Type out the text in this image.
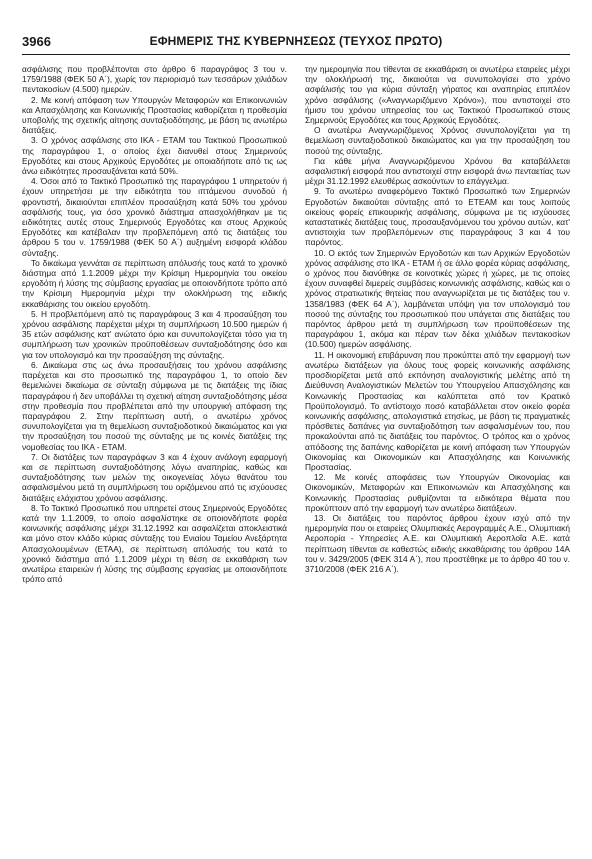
3966	ΕΦΗΜΕΡΙΣ ΤΗΣ ΚΥΒΕΡΝΗΣΕΩΣ (ΤΕΥΧΟΣ ΠΡΩΤΟ)

ασφάλισης που προβλέπονται στο άρθρο 6 παραγράφος 3 του ν. 1759/1988 (ΦΕΚ 50 Α΄), χωρίς τον περιορισμό των τεσσάρων χιλιάδων πεντακοσίων (4.500) ημερών.

2. Με κοινή απόφαση των Υπουργών Μεταφορών και Επικοινωνιών και Απασχόλησης και Κοινωνικής Προστασίας καθορίζεται η προθεσμία υποβολής της σχετικής αίτησης συνταξιοδότησης, με βάση τις ανωτέρω διατάξεις.

3. Ο χρόνος ασφάλισης στο ΙΚΑ - ΕΤΑΜ του Τακτικού Προσωπικού της παραγράφου 1, ο οποίος έχει διανυθεί στους Σημερινούς Εργοδότες και στους Αρχικούς Εργοδότες με οποιαδήποτε από τις ως άνω ειδικότητες προσαυξάνεται κατά 50%.

4. Όσοι από το Τακτικό Προσωπικό της παραγράφου 1 υπηρετούν ή έχουν υπηρετήσει με την ειδικότητα του ιπτάμενου συνοδού ή φροντιστή, δικαιούνται επιπλέον προσαύξηση κατά 50% του χρόνου ασφάλισής τους, για όσο χρονικό διάστημα απασχολήθηκαν με τις ειδικότητες αυτές στους Σημερινούς Εργοδότες και στους Αρχικούς Εργοδότες και κατέβαλαν την προβλεπόμενη από τις διατάξεις του άρθρου 5 του ν. 1759/1988 (ΦΕΚ 50 Α΄) αυξημένη εισφορά κλάδου σύνταξης.

Το δικαίωμα γεννάται σε περίπτωση απόλυσής τους κατά το χρονικό διάστημα από 1.1.2009 μέχρι την Κρίσιμη Ημερομηνία του οικείου εργοδότη ή λύσης της σύμβασης εργασίας με οποιονδήποτε τρόπο από την Κρίσιμη Ημερομηνία μέχρι την ολοκλήρωση της ειδικής εκκαθάρισης του οικείου εργοδότη.

5. Η προβλεπόμενη από τις παραγράφους 3 και 4 προσαύξηση του χρόνου ασφάλισης παρέχεται μέχρι τη συμπλήρωση 10.500 ημερών ή 35 ετών ασφάλισης κατ' ανώτατο όριο και συνυπολογίζεται τόσο για τη συμπλήρωση των χρονικών προϋποθέσεων συνταξιοδότησης όσο και για τον υπολογισμό και την προσαύξηση της σύνταξης.

6. Δικαίωμα στις ως άνω προσαυξήσεις του χρόνου ασφάλισης παρέχεται και στο προσωπικό της παραγράφου 1, το οποίο δεν θεμελιώνει δικαίωμα σε σύνταξη σύμφωνα με τις διατάξεις της ίδιας παραγράφου ή δεν υποβάλλει τη σχετική αίτηση συνταξιοδότησης μέσα στην προθεσμία που προβλέπεται από την υπουργική απόφαση της παραγράφου 2. Στην περίπτωση αυτή, ο ανωτέρω χρόνος συνυπολογίζεται για τη θεμελίωση συνταξιοδοτικού δικαιώματος και για την προσαύξηση του ποσού της σύνταξης με τις κοινές διατάξεις της νομοθεσίας του ΙΚΑ - ΕΤΑΜ.

7. Οι διατάξεις των παραγράφων 3 και 4 έχουν ανάλογη εφαρμογή και σε περίπτωση συνταξιοδότησης λόγω αναπηρίας, καθώς και συνταξιοδότησης των μελών της οικογενείας λόγω θανάτου του ασφαλισμένου μετά τη συμπλήρωση του οριζόμενου από τις ισχύουσες διατάξεις ελάχιστου χρόνου ασφάλισης.

8. Το Τακτικό Προσωπικό που υπηρετεί στους Σημερινούς Εργοδότες κατά την 1.1.2009, το οποίο ασφαλίστηκε σε οποιονδήποτε φορέα κοινωνικής ασφάλισης μέχρι 31.12.1992 και ασφαλίζεται αποκλειστικά και μόνο στον κλάδο κύριας σύνταξης του Ενιαίου Ταμείου Ανεξάρτητα Απασχολουμένων (ΕΤΑΑ), σε περίπτωση απόλυσής του κατά το χρονικό διάστημα από 1.1.2009 μέχρι τη θέση σε εκκαθάριση των ανωτέρω εταιρειών ή λύσης της σύμβασης εργασίας με οποιονδήποτε τρόπο από

την ημερομηνία που τίθενται σε εκκαθάριση οι ανωτέρω εταιρείες μέχρι την ολοκλήρωσή της, δικαιούται να συνυπολογίσει στο χρόνο ασφάλισής του για κύρια σύνταξη γήρατος και αναπηρίας επιπλέον χρόνο ασφάλισης («Αναγνωριζόμενο Χρόνο»), που αντιστοιχεί στο ήμισυ του χρόνου υπηρεσίας του ως Τακτικού Προσωπικού στους Σημερινούς Εργοδότες και τους Αρχικούς Εργοδότες.

Ο ανωτέρω Αναγνωριζόμενος Χρόνος συνυπολογίζεται για τη θεμελίωση συνταξιοδοτικού δικαιώματος και για την προσαύξηση του ποσού της σύνταξης.

Για κάθε μήνα Αναγνωριζόμενου Χρόνου θα καταβάλλεται ασφαλιστική εισφορά που αντιστοιχεί στην εισφορά άνω πενταετίας των μέχρι 31.12.1992 ελευθέρως ασκούντων το επάγγελμα.

9. Το ανωτέρω αναφερόμενο Τακτικό Προσωπικό των Σημερινών Εργοδοτών δικαιούται σύνταξης από το ΕΤΕΑΜ και τους λοιπούς οικείους φορείς επικουρικής ασφάλισης, σύμφωνα με τις ισχύουσες καταστατικές διατάξεις τους, προσαυξανόμενου του χρόνου αυτών, κατ' αντιστοιχία των προβλεπόμενων στις παραγράφους 3 και 4 του παρόντος.

10. Ο εκτός των Σημερινών Εργοδοτών και των Αρχικών Εργοδοτών χρόνος ασφάλισης στο ΙΚΑ - ΕΤΑΜ ή σε άλλο φορέα κύριας ασφάλισης, ο χρόνος που διανύθηκε σε κοινοτικές χώρες ή χώρες, με τις οποίες έχουν συναφθεί διμερείς συμβάσεις κοινωνικής ασφάλισης, καθώς και ο χρόνος στρατιωτικής θητείας που αναγνωρίζεται με τις διατάξεις του ν. 1358/1983 (ΦΕΚ 64 Α΄), λαμβάνεται υπόψη για τον υπολογισμό του ποσού της σύνταξης του προσωπικού που υπάγεται στις διατάξεις του παρόντος άρθρου μετά τη συμπλήρωση των προϋποθέσεων της παραγράφου 1, ακόμα και πέραν των δέκα χιλιάδων πεντακοσίων (10.500) ημερών ασφάλισης.

11. Η οικονομική επιβάρυνση που προκύπτει από την εφαρμογή των ανωτέρω διατάξεων για όλους τους φορείς κοινωνικής ασφάλισης προσδιορίζεται μετά από εκπόνηση αναλογιστικής μελέτης από τη Διεύθυνση Αναλογιστικών Μελετών του Υπουργείου Απασχόλησης και Κοινωνικής Προστασίας και καλύπτεται από τον Κρατικό Προϋπολογισμό. Το αντίστοιχο ποσό καταβάλλεται στον οικείο φορέα κοινωνικής ασφάλισης, απολογιστικά ετησίως, με βάση τις πραγματικές πρόσθετες δαπάνες για συνταξιοδότηση των ασφαλισμένων του, που προκαλούνται από τις διατάξεις του παρόντος. Ο τρόπος και ο χρόνος απόδοσης της δαπάνης καθορίζεται με κοινή απόφαση των Υπουργών Οικονομίας και Οικονομικών και Απασχόλησης και Κοινωνικής Προστασίας.

12. Με κοινές αποφάσεις των Υπουργών Οικονομίας και Οικονομικών, Μεταφορών και Επικοινωνιών και Απασχόλησης και Κοινωνικής Προστασίας ρυθμίζονται τα ειδικότερα θέματα που προκύπτουν από την εφαρμογή των ανωτέρω διατάξεων.

13. Οι διατάξεις του παρόντος άρθρου έχουν ισχύ από την ημερομηνία που οι εταιρείες Ολυμπιακές Αερογραμμές Α.Ε., Ολυμπιακή Αεροπορία - Υπηρεσίες Α.Ε. και Ολυμπιακή Αεροπλοΐα Α.Ε. κατά περίπτωση τίθενται σε καθεστώς ειδικής εκκαθάρισης του άρθρου 14Α του ν. 3429/2005 (ΦΕΚ 314 Α΄), που προστέθηκε με το άρθρο 40 του ν. 3710/2008 (ΦΕΚ 216 Α΄).
